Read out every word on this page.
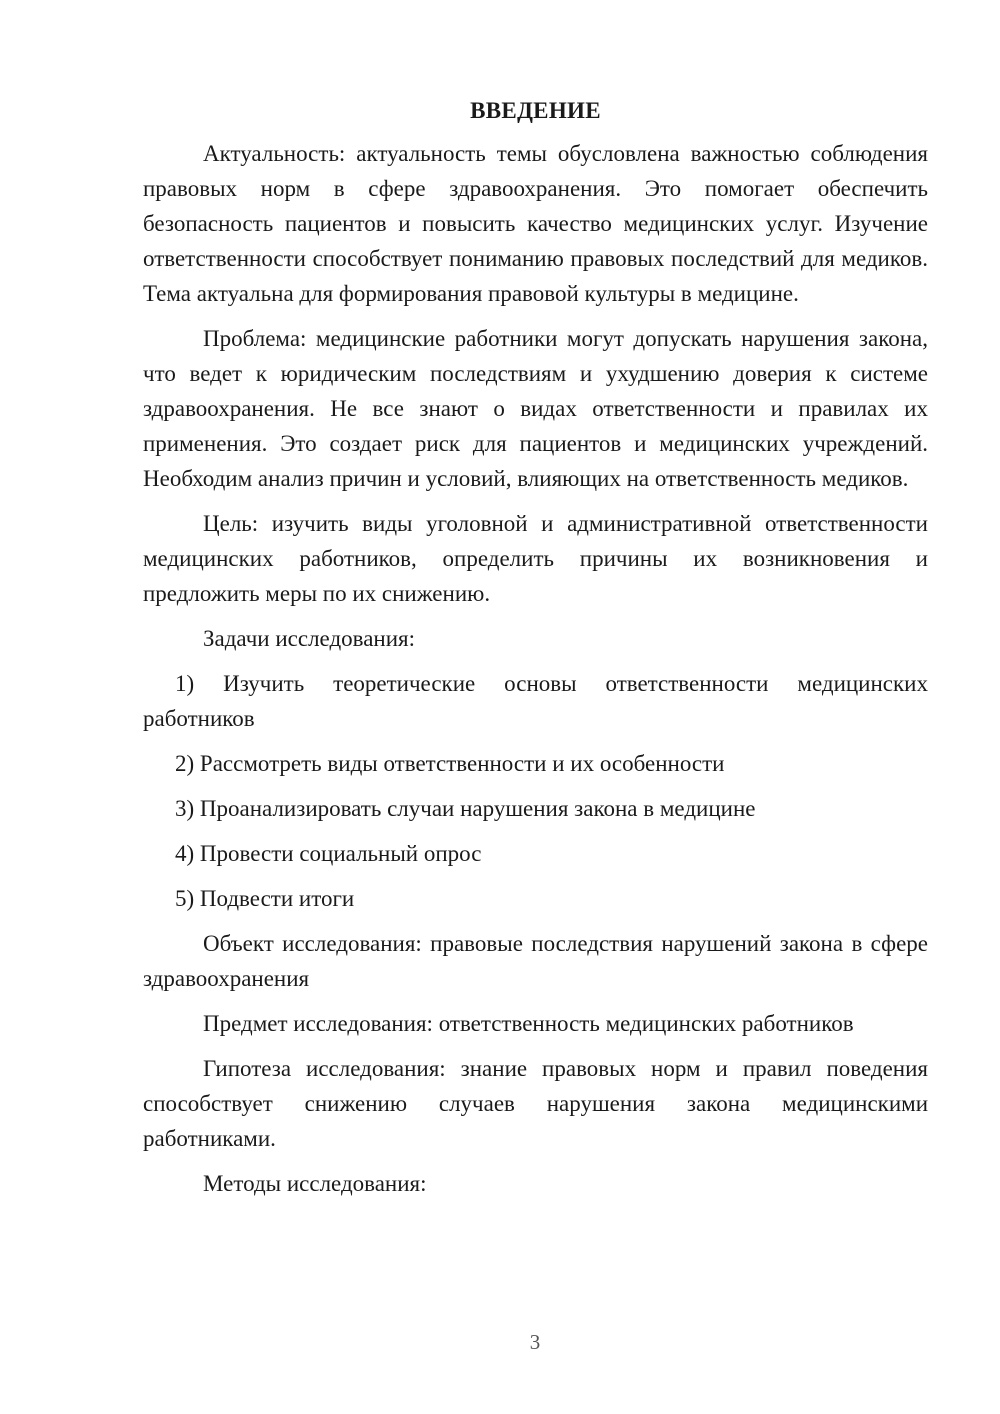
ВВЕДЕНИЕ

Актуальность: актуальность темы обусловлена важностью соблюдения правовых норм в сфере здравоохранения. Это помогает обеспечить безопасность пациентов и повысить качество медицинских услуг. Изучение ответственности способствует пониманию правовых последствий для медиков. Тема актуальна для формирования правовой культуры в медицине.

Проблема: медицинские работники могут допускать нарушения закона, что ведет к юридическим последствиям и ухудшению доверия к системе здравоохранения. Не все знают о видах ответственности и правилах их применения. Это создает риск для пациентов и медицинских учреждений. Необходим анализ причин и условий, влияющих на ответственность медиков.

Цель: изучить виды уголовной и административной ответственности медицинских работников, определить причины их возникновения и предложить меры по их снижению.

Задачи исследования:

1) Изучить теоретические основы ответственности медицинских работников

2) Рассмотреть виды ответственности и их особенности

3) Проанализировать случаи нарушения закона в медицине

4) Провести социальный опрос

5) Подвести итоги

Объект исследования: правовые последствия нарушений закона в сфере здравоохранения

Предмет исследования: ответственность медицинских работников

Гипотеза исследования: знание правовых норм и правил поведения способствует снижению случаев нарушения закона медицинскими работниками.

Методы исследования:

3
